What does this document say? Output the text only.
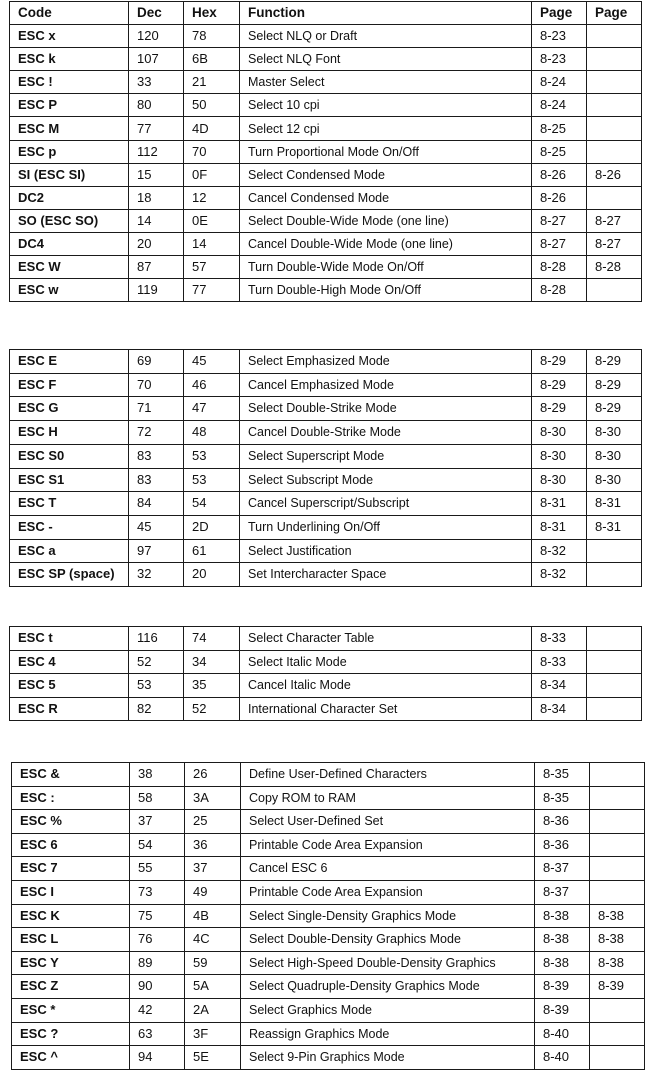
Code	Dec	Hex	Function	Page	Page
ESC x	120	78	Select NLQ or Draft	8-23	
ESC k	107	6B	Select NLQ Font	8-23	
ESC !	33	21	Master Select	8-24	
ESC P	80	50	Select 10 cpi	8-24	
ESC M	77	4D	Select 12 cpi	8-25	
ESC p	112	70	Turn Proportional Mode On/Off	8-25	
SI (ESC SI)	15	0F	Select Condensed Mode	8-26	8-26
DC2	18	12	Cancel Condensed Mode	8-26	
SO (ESC SO)	14	0E	Select Double-Wide Mode (one line)	8-27	8-27
DC4	20	14	Cancel Double-Wide Mode (one line)	8-27	8-27
ESC W	87	57	Turn Double-Wide Mode On/Off	8-28	8-28
ESC w	119	77	Turn Double-High Mode On/Off	8-28	
ESC E	69	45	Select Emphasized Mode	8-29	8-29
ESC F	70	46	Cancel Emphasized Mode	8-29	8-29
ESC G	71	47	Select Double-Strike Mode	8-29	8-29
ESC H	72	48	Cancel Double-Strike Mode	8-30	8-30
ESC S0	83	53	Select Superscript Mode	8-30	8-30
ESC S1	83	53	Select Subscript Mode	8-30	8-30
ESC T	84	54	Cancel Superscript/Subscript	8-31	8-31
ESC -	45	2D	Turn Underlining On/Off	8-31	8-31
ESC a	97	61	Select Justification	8-32	
ESC SP (space)	32	20	Set Intercharacter Space	8-32	
ESC t	116	74	Select Character Table	8-33	
ESC 4	52	34	Select Italic Mode	8-33	
ESC 5	53	35	Cancel Italic Mode	8-34	
ESC R	82	52	International Character Set	8-34	
ESC &	38	26	Define User-Defined Characters	8-35	
ESC :	58	3A	Copy ROM to RAM	8-35	
ESC %	37	25	Select User-Defined Set	8-36	
ESC 6	54	36	Printable Code Area Expansion	8-36	
ESC 7	55	37	Cancel ESC 6	8-37	
ESC I	73	49	Printable Code Area Expansion	8-37	
ESC K	75	4B	Select Single-Density Graphics Mode	8-38	8-38
ESC L	76	4C	Select Double-Density Graphics Mode	8-38	8-38
ESC Y	89	59	Select High-Speed Double-Density Graphics	8-38	8-38
ESC Z	90	5A	Select Quadruple-Density Graphics Mode	8-39	8-39
ESC *	42	2A	Select Graphics Mode	8-39	
ESC ?	63	3F	Reassign Graphics Mode	8-40	
ESC ^	94	5E	Select 9-Pin Graphics Mode	8-40	
